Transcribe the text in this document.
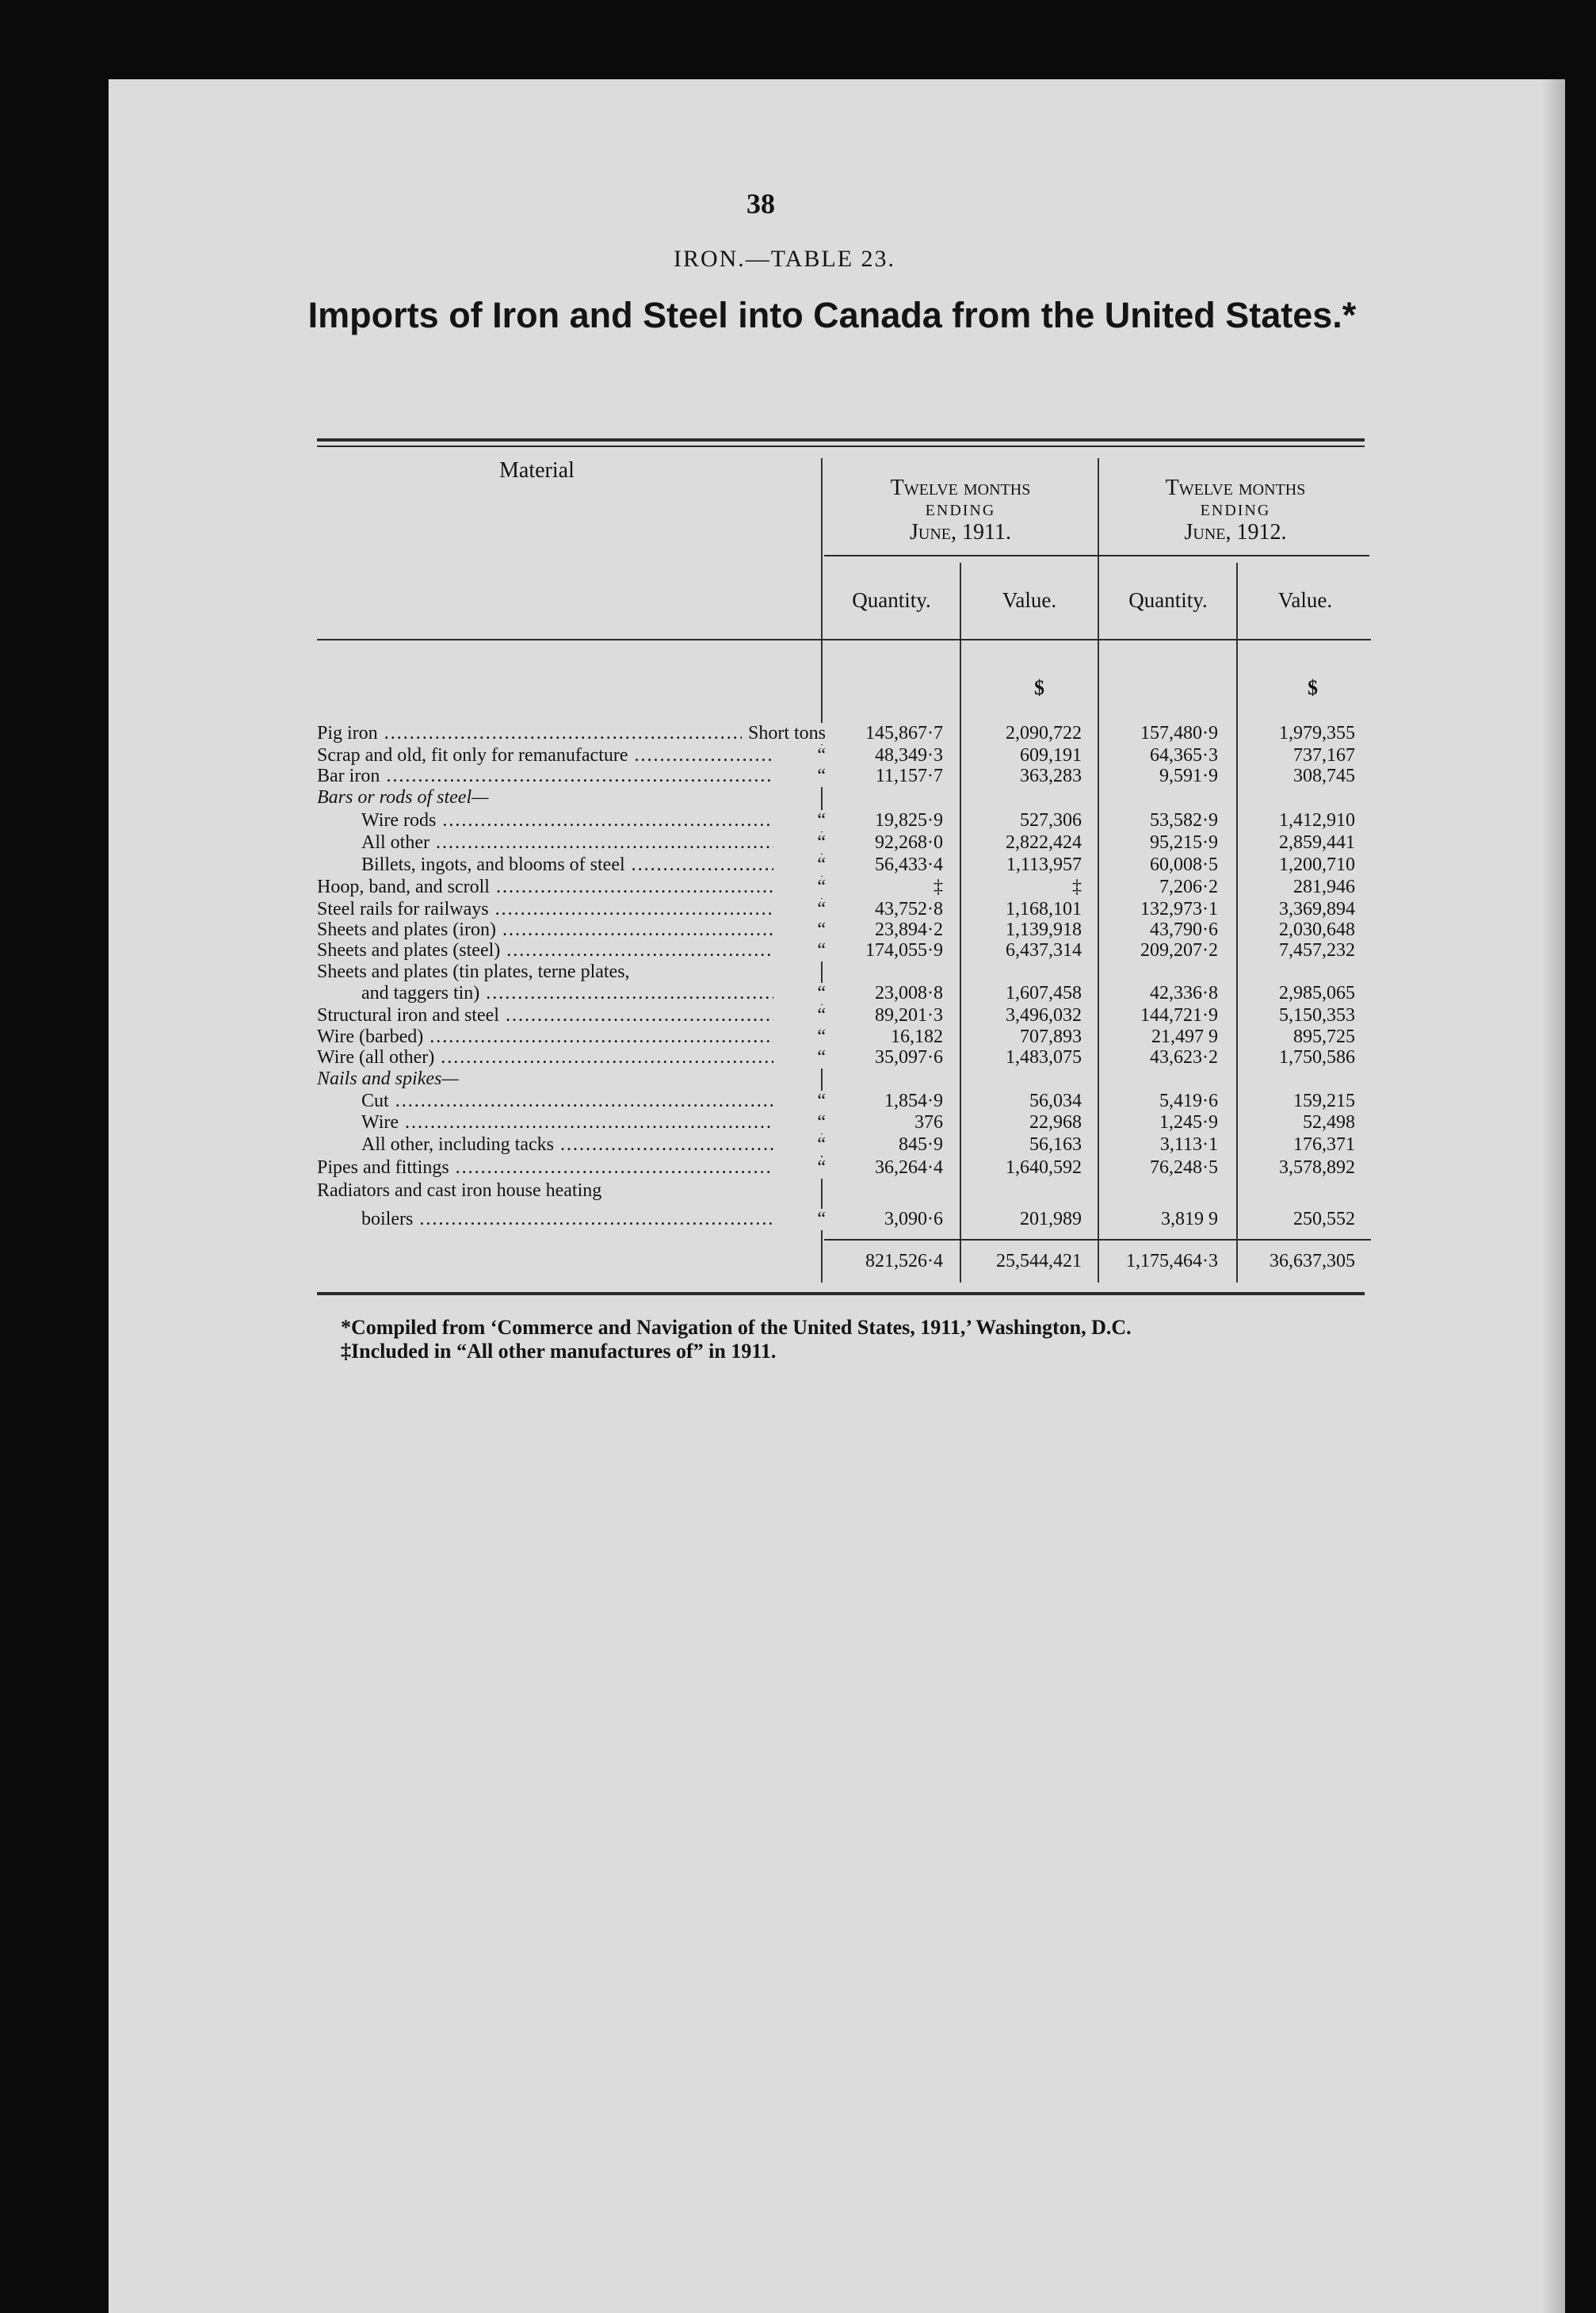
38
IRON.—TABLE 23.
Imports of Iron and Steel into Canada from the United States.*
Material
Twelve months
ENDING
June, 1911.
Twelve months
ENDING
June, 1912.
Quantity.	Value.	Quantity.	Value.
$	$
Pig iron .....	Short tons	145,867·7	2,090,722	157,480·9	1,979,355
Scrap and old, fit only for remanufacture .....	“	48,349·3	609,191	64,365·3	737,167
Bar iron .....	“	11,157·7	363,283	9,591·9	308,745
Bars or rods of steel—
Wire rods .....	“	19,825·9	527,306	53,582·9	1,412,910
All other .....	“	92,268·0	2,822,424	95,215·9	2,859,441
Billets, ingots, and blooms of steel .....	“	56,433·4	1,113,957	60,008·5	1,200,710
Hoop, band, and scroll .....	“	‡	‡	7,206·2	281,946
Steel rails for railways .....	“	43,752·8	1,168,101	132,973·1	3,369,894
Sheets and plates (iron) .....	“	23,894·2	1,139,918	43,790·6	2,030,648
Sheets and plates (steel) .....	“	174,055·9	6,437,314	209,207·2	7,457,232
Sheets and plates (tin plates, terne plates,
and taggers tin) .....	“	23,008·8	1,607,458	42,336·8	2,985,065
Structural iron and steel .....	“	89,201·3	3,496,032	144,721·9	5,150,353
Wire (barbed) .....	“	16,182	707,893	21,497 9	895,725
Wire (all other) .....	“	35,097·6	1,483,075	43,623·2	1,750,586
Nails and spikes—
Cut .....	“	1,854·9	56,034	5,419·6	159,215
Wire .....	“	376	22,968	1,245·9	52,498
All other, including tacks .....	“	845·9	56,163	3,113·1	176,371
Pipes and fittings .....	“	36,264·4	1,640,592	76,248·5	3,578,892
Radiators and cast iron house heating
boilers .....	“	3,090·6	201,989	3,819 9	250,552
821,526·4	25,544,421	1,175,464·3	36,637,305
*Compiled from ‘Commerce and Navigation of the United States, 1911,’ Washington, D.C.
‡Included in “All other manufactures of” in 1911.
